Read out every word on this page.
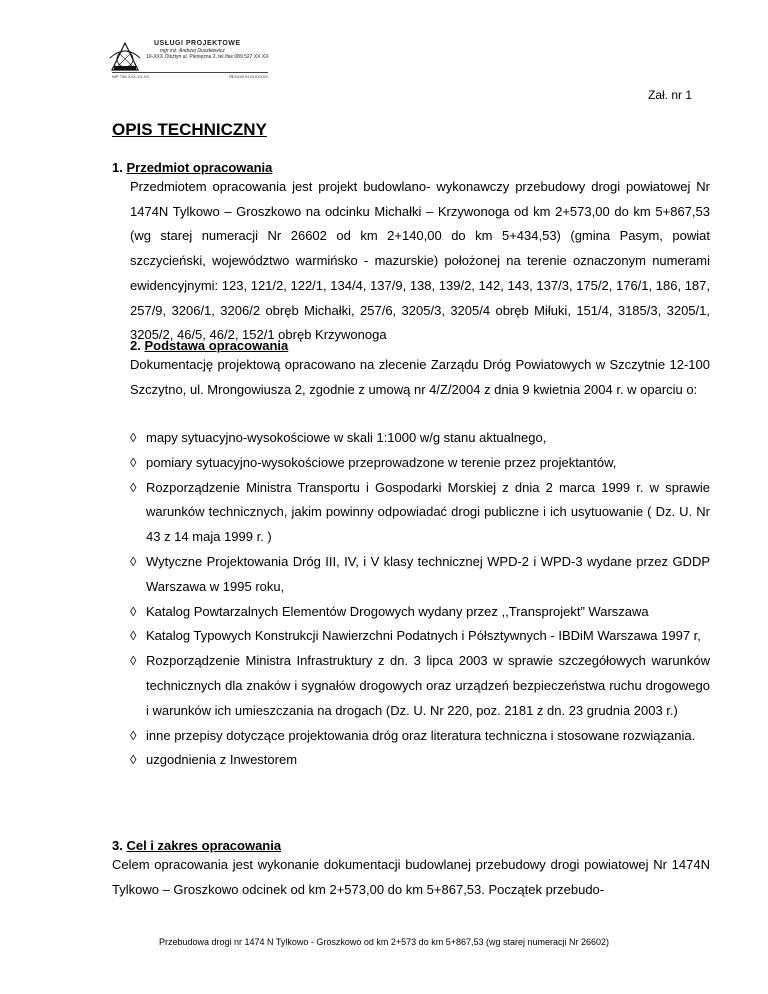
USŁUGI PROJEKTOWE
mgr inż. Andrzej Duszkiewicz
10-XXX Olsztyn ul. Pieniężna 2, tel./fax 089 527 XX XX
NIP 739-XXX-XX-XX	REGON 51XXXXXXX
Zał. nr 1
OPIS TECHNICZNY
1. Przedmiot opracowania

Przedmiotem opracowania jest projekt budowlano- wykonawczy przebudowy drogi powiatowej Nr 1474N Tylkowo – Groszkowo na odcinku Michałki – Krzywonoga od km 2+573,00 do km 5+867,53 (wg starej numeracji Nr 26602 od km 2+140,00 do km 5+434,53) (gmina Pasym, powiat szczycieński, województwo warmińsko - mazurskie) położonej na terenie oznaczonym numerami ewidencyjnymi: 123, 121/2, 122/1, 134/4, 137/9, 138, 139/2, 142, 143, 137/3, 175/2, 176/1, 186, 187, 257/9, 3206/1, 3206/2 obręb Michałki, 257/6, 3205/3, 3205/4 obręb Miłuki, 151/4, 3185/3, 3205/1, 3205/2, 46/5, 46/2, 152/1 obręb Krzywonoga

2. Podstawa opracowania

Dokumentację projektową opracowano na zlecenie Zarządu Dróg Powiatowych w Szczytnie 12-100 Szczytno, ul. Mrongowiusza 2, zgodnie z umową nr 4/Z/2004 z dnia 9 kwietnia 2004 r. w oparciu o:

◊ mapy sytuacyjno-wysokościowe w skali 1:1000 w/g stanu aktualnego,
◊ pomiary sytuacyjno-wysokościowe przeprowadzone w terenie przez projektantów,
◊ Rozporządzenie Ministra Transportu i Gospodarki Morskiej z dnia 2 marca 1999 r. w sprawie warunków technicznych, jakim powinny odpowiadać drogi publiczne i ich usytuowanie ( Dz. U. Nr 43 z 14 maja 1999 r. )
◊ Wytyczne Projektowania Dróg III, IV, i V klasy technicznej WPD-2 i WPD-3 wydane przez GDDP Warszawa w 1995 roku,
◊ Katalog Powtarzalnych Elementów Drogowych wydany przez ,,Transprojekt” Warszawa
◊ Katalog Typowych Konstrukcji Nawierzchni Podatnych i Półsztywnych - IBDiM Warszawa 1997 r,
◊ Rozporządzenie Ministra Infrastruktury z dn. 3 lipca 2003 w sprawie szczegółowych warunków technicznych dla znaków i sygnałów drogowych oraz urządzeń bezpieczeństwa ruchu drogowego i warunków ich umieszczania na drogach (Dz. U. Nr 220, poz. 2181 z dn. 23 grudnia 2003 r.)
◊ inne przepisy dotyczące projektowania dróg oraz literatura techniczna i stosowane rozwiązania.
◊ uzgodnienia z Inwestorem
3. Cel i zakres opracowania

Celem opracowania jest wykonanie dokumentacji budowlanej przebudowy drogi powiatowej Nr 1474N Tylkowo – Groszkowo odcinek od km 2+573,00 do km 5+867,53. Początek przebudo-

Przebudowa drogi nr 1474 N Tylkowo - Groszkowo od km 2+573 do km 5+867,53 (wg starej numeracji Nr 26602)
